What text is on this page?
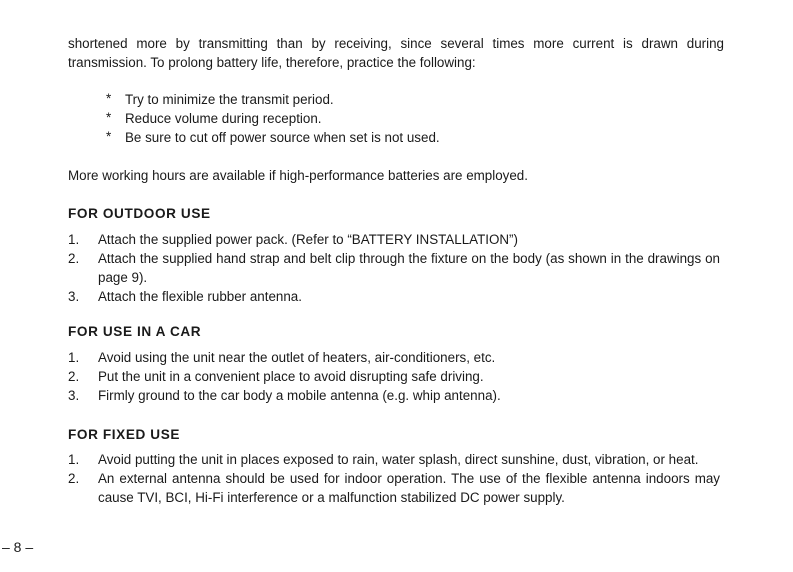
shortened more by transmitting than by receiving, since several times more current is drawn during transmission. To prolong battery life, therefore, practice the following:
* Try to minimize the transmit period.
* Reduce volume during reception.
* Be sure to cut off power source when set is not used.
More working hours are available if high-performance batteries are employed.
FOR OUTDOOR USE
1. Attach the supplied power pack. (Refer to “BATTERY INSTALLATION”)
2. Attach the supplied hand strap and belt clip through the fixture on the body (as shown in the drawings on page 9).
3. Attach the flexible rubber antenna.
FOR USE IN A CAR
1. Avoid using the unit near the outlet of heaters, air-conditioners, etc.
2. Put the unit in a convenient place to avoid disrupting safe driving.
3. Firmly ground to the car body a mobile antenna (e.g. whip antenna).
FOR FIXED USE
1. Avoid putting the unit in places exposed to rain, water splash, direct sunshine, dust, vibration, or heat.
2. An external antenna should be used for indoor operation. The use of the flexible antenna indoors may cause TVI, BCI, Hi-Fi interference or a malfunction stabilized DC power supply.
– 8 –
